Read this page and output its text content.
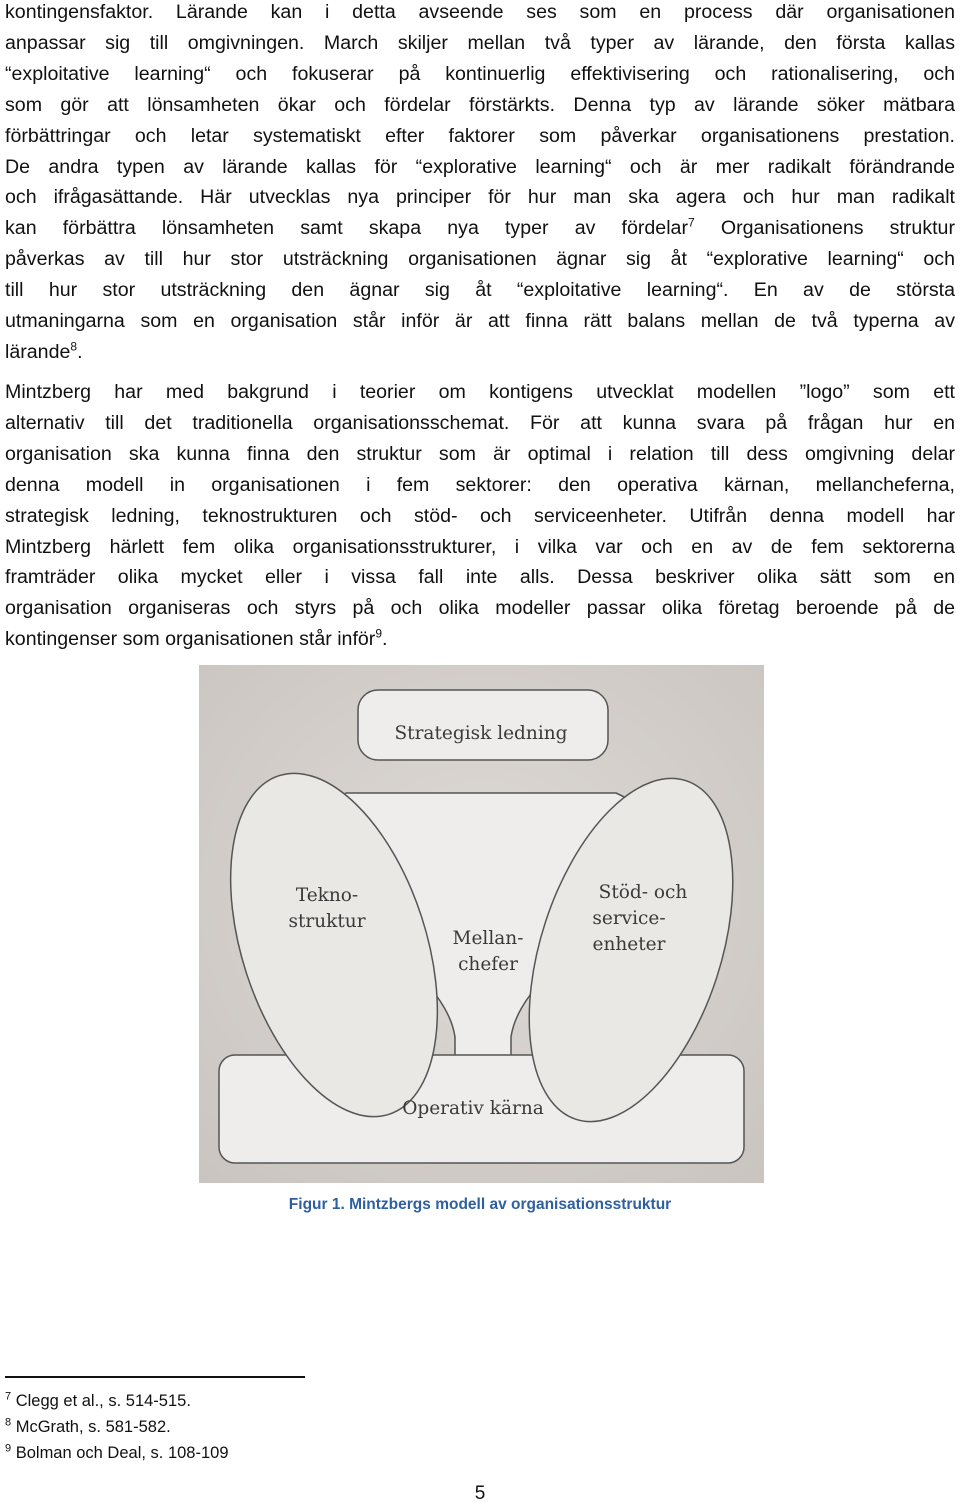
kontingensfaktor. Lärande kan i detta avseende ses som en process där organisationen
anpassar sig till omgivningen. March skiljer mellan två typer av lärande, den första kallas
“exploitative learning“ och fokuserar på kontinuerlig effektivisering och rationalisering, och
som gör att lönsamheten ökar och fördelar förstärkts. Denna typ av lärande söker mätbara
förbättringar och letar systematiskt efter faktorer som påverkar organisationens prestation.
De andra typen av lärande kallas för “explorative learning“ och är mer radikalt förändrande
och ifrågasättande. Här utvecklas nya principer för hur man ska agera och hur man radikalt
kan förbättra lönsamheten samt skapa nya typer av fördelar$^7$ Organisationens struktur
påverkas av till hur stor utsträckning organisationen ägnar sig åt “explorative learning“ och
till hur stor utsträckning den ägnar sig åt “exploitative learning“. En av de största
utmaningarna som en organisation står inför är att finna rätt balans mellan de två typerna av
lärande$^8$.
Mintzberg har med bakgrund i teorier om kontigens utvecklat modellen ”logo” som ett
alternativ till det traditionella organisationsschemat. För att kunna svara på frågan hur en
organisation ska kunna finna den struktur som är optimal i relation till dess omgivning delar
denna modell in organisationen i fem sektorer: den operativa kärnan, mellancheferna,
strategisk ledning, teknostrukturen och stöd- och serviceenheter. Utifrån denna modell har
Mintzberg härlett fem olika organisationsstrukturer, i vilka var och en av de fem sektorerna
framträder olika mycket eller i vissa fall inte alls. Dessa beskriver olika sätt som en
organisation organiseras och styrs på och olika modeller passar olika företag beroende på de
kontingenser som organisationen står inför$^9$.
Strategisk ledning
Tekno-
struktur
Mellan-
chefer
Stöd- och
service-
enheter
Operativ kärna
Figur 1. Mintzbergs modell av organisationsstruktur
$^7$ Clegg et al., s. 514-515.
$^8$ McGrath, s. 581-582.
$^9$ Bolman och Deal, s. 108-109
5
